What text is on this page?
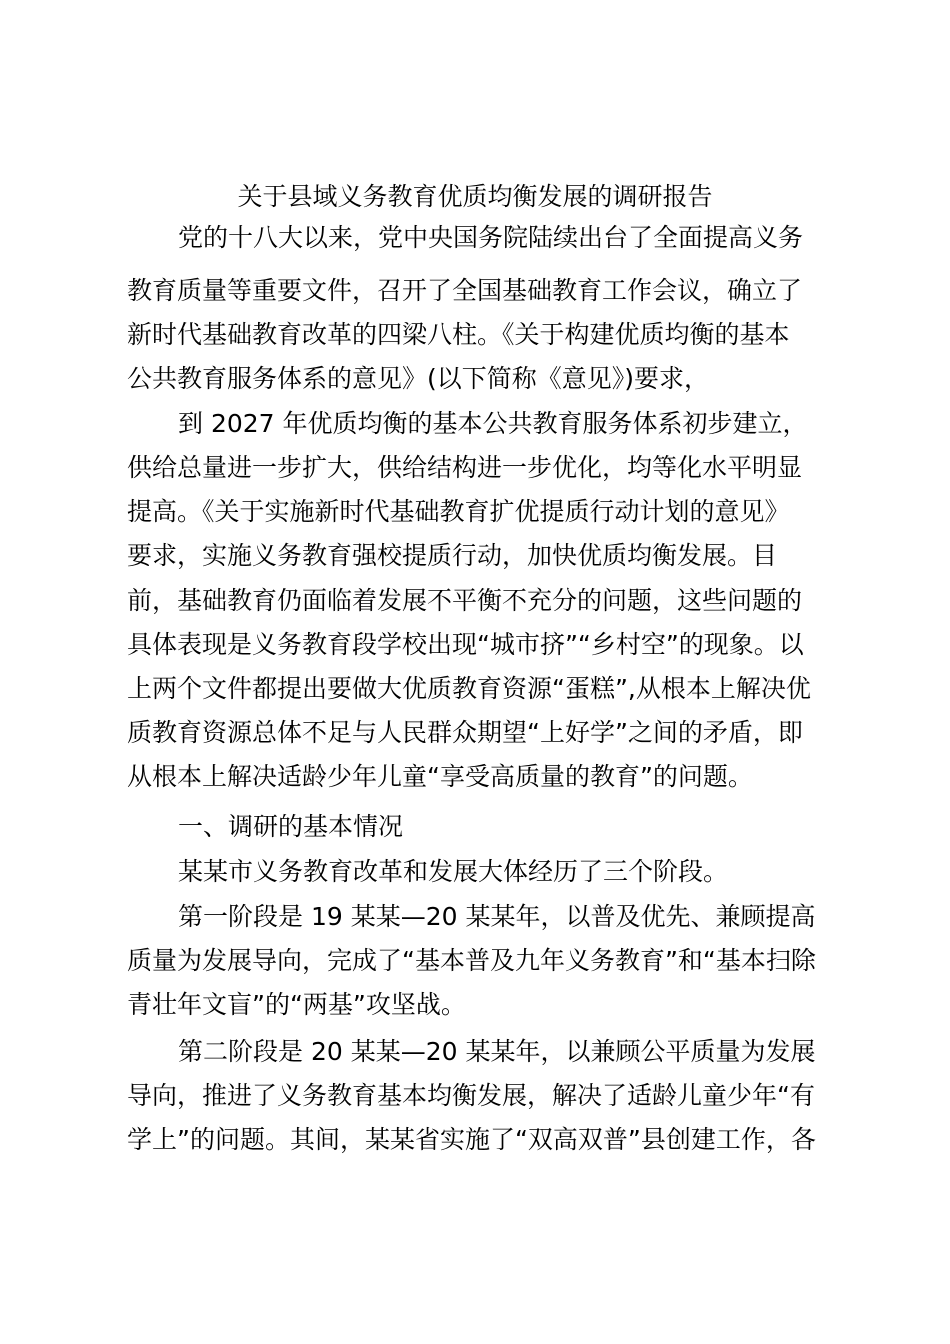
关于县域义务教育优质均衡发展的调研报告
党的十八大以来，党中央国务院陆续出台了全面提高义务
教育质量等重要文件，召开了全国基础教育工作会议，确立了
新时代基础教育改革的四梁八柱。《关于构建优质均衡的基本
公共教育服务体系的意见》(以下简称《意见》)要求，
到 2027 年优质均衡的基本公共教育服务体系初步建立，
供给总量进一步扩大，供给结构进一步优化，均等化水平明显
提高。《关于实施新时代基础教育扩优提质行动计划的意见》
要求，实施义务教育强校提质行动，加快优质均衡发展。目
前，基础教育仍面临着发展不平衡不充分的问题，这些问题的
具体表现是义务教育段学校出现“城市挤”“乡村空”的现象。以
上两个文件都提出要做大优质教育资源“蛋糕”,从根本上解决优
质教育资源总体不足与人民群众期望“上好学”之间的矛盾，即
从根本上解决适龄少年儿童“享受高质量的教育”的问题。
一、调研的基本情况
某某市义务教育改革和发展大体经历了三个阶段。
第一阶段是 19 某某—20 某某年，以普及优先、兼顾提高
质量为发展导向，完成了“基本普及九年义务教育”和“基本扫除
青壮年文盲”的“两基”攻坚战。
第二阶段是 20 某某—20 某某年，以兼顾公平质量为发展
导向，推进了义务教育基本均衡发展，解决了适龄儿童少年“有
学上”的问题。其间，某某省实施了“双高双普”县创建工作，各
